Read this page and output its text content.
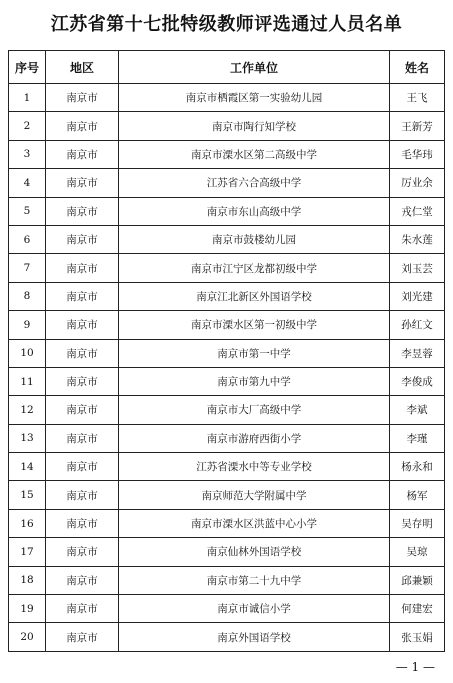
江苏省第十七批特级教师评选通过人员名单
序号	地区	工作单位	姓名
1	南京市	南京市栖霞区第一实验幼儿园	王飞
2	南京市	南京市陶行知学校	王新芳
3	南京市	南京市溧水区第二高级中学	毛华玮
4	南京市	江苏省六合高级中学	厉业余
5	南京市	南京市东山高级中学	戎仁堂
6	南京市	南京市鼓楼幼儿园	朱水莲
7	南京市	南京市江宁区龙都初级中学	刘玉芸
8	南京市	南京江北新区外国语学校	刘光建
9	南京市	南京市溧水区第一初级中学	孙红文
10	南京市	南京市第一中学	李昱蓉
11	南京市	南京市第九中学	李俊成
12	南京市	南京市大厂高级中学	李斌
13	南京市	南京市游府西街小学	李瑾
14	南京市	江苏省溧水中等专业学校	杨永和
15	南京市	南京师范大学附属中学	杨军
16	南京市	南京市溧水区洪蓝中心小学	吴存明
17	南京市	南京仙林外国语学校	吴琼
18	南京市	南京市第二十九中学	邱兼颖
19	南京市	南京市诚信小学	何建宏
20	南京市	南京外国语学校	张玉娟
— 1 —
